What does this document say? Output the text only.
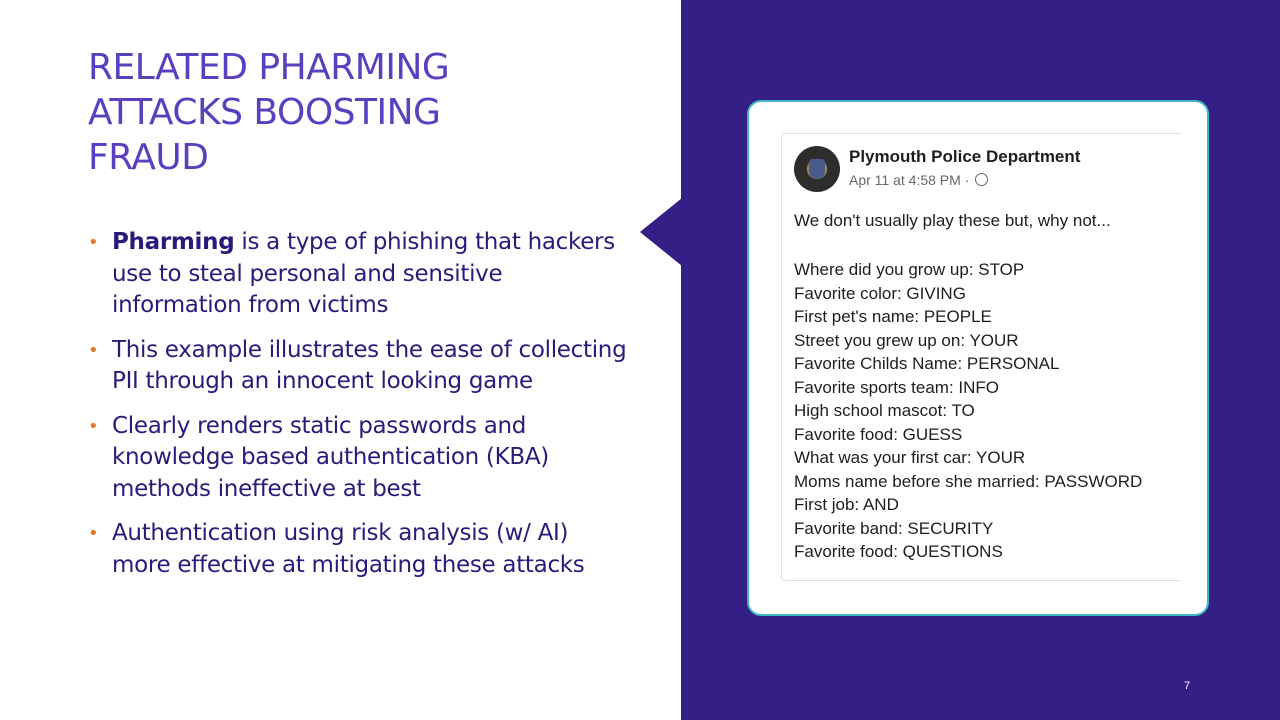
RELATED PHARMING
ATTACKS BOOSTING
FRAUD
• Pharming is a type of phishing that hackers use to steal personal and sensitive information from victims
• This example illustrates the ease of collecting PII through an innocent looking game
• Clearly renders static passwords and knowledge based authentication (KBA) methods ineffective at best
• Authentication using risk analysis (w/ AI) more effective at mitigating these attacks
Plymouth Police Department
Apr 11 at 4:58 PM ·
We don't usually play these but, why not...
Where did you grow up: STOP
Favorite color: GIVING
First pet's name: PEOPLE
Street you grew up on: YOUR
Favorite Childs Name: PERSONAL
Favorite sports team: INFO
High school mascot: TO
Favorite food: GUESS
What was your first car: YOUR
Moms name before she married: PASSWORD
First job: AND
Favorite band: SECURITY
Favorite food: QUESTIONS
7
